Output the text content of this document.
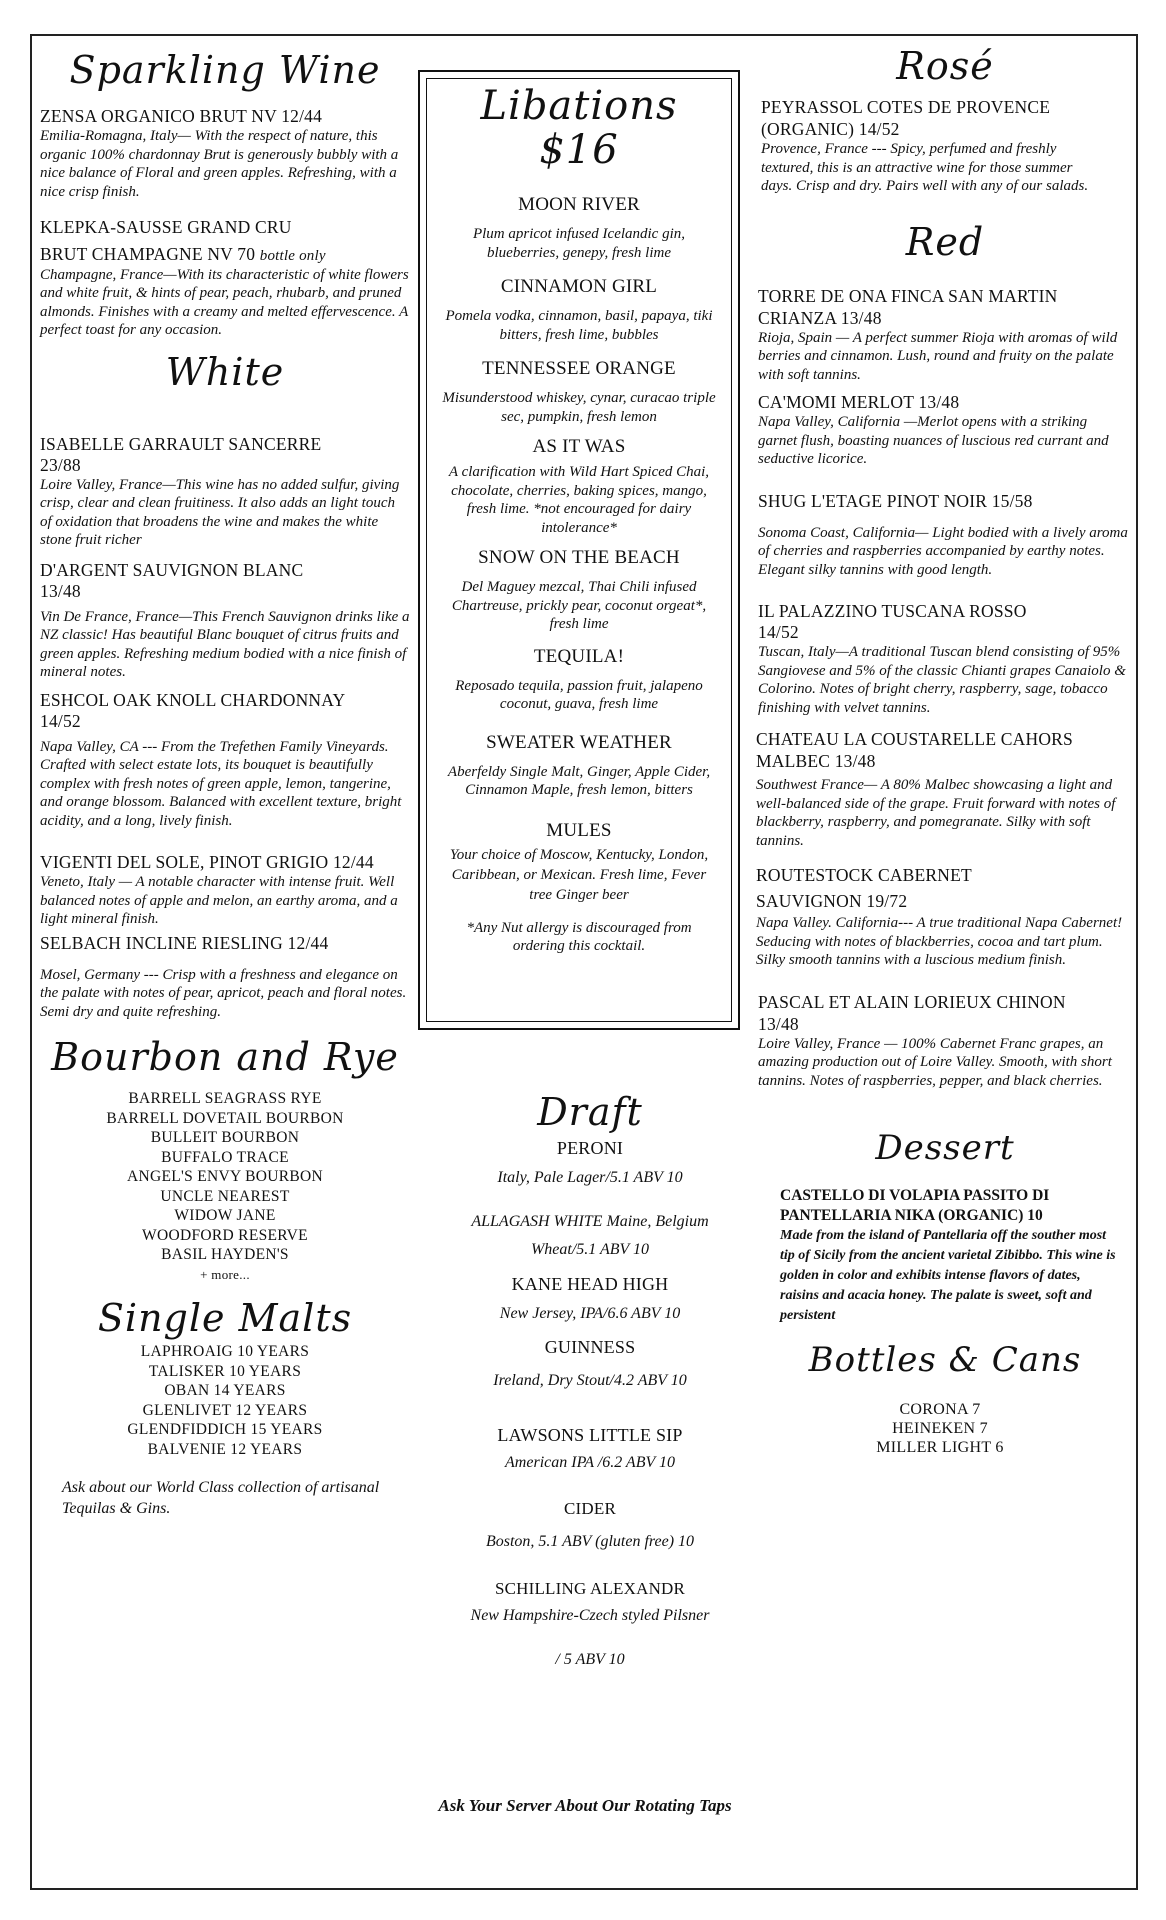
Sparkling Wine
ZENSA ORGANICO BRUT NV 12/44
Emilia-Romagna, Italy— With the respect of nature, this organic 100% chardonnay Brut is generously bubbly with a nice balance of Floral and green apples. Refreshing, with a nice crisp finish.
KLEPKA-SAUSSE GRAND CRU
BRUT CHAMPAGNE NV 70 bottle only
Champagne, France—With its characteristic of white flowers and white fruit, & hints of pear, peach, rhubarb, and pruned almonds. Finishes with a creamy and melted effervescence. A perfect toast for any occasion.
White
ISABELLE GARRAULT SANCERRE
23/88
Loire Valley, France—This wine has no added sulfur, giving crisp, clear and clean fruitiness. It also adds an light touch of oxidation that broadens the wine and makes the white stone fruit richer
D'ARGENT SAUVIGNON BLANC
13/48
Vin De France, France—This French Sauvignon drinks like a NZ classic! Has beautiful Blanc bouquet of citrus fruits and green apples. Refreshing medium bodied with a nice finish of mineral notes.
ESHCOL OAK KNOLL CHARDONNAY
14/52
Napa Valley, CA --- From the Trefethen Family Vineyards. Crafted with select estate lots, its bouquet is beautifully complex with fresh notes of green apple, lemon, tangerine, and orange blossom. Balanced with excellent texture, bright acidity, and a long, lively finish.
VIGENTI DEL SOLE, PINOT GRIGIO 12/44
Veneto, Italy — A notable character with intense fruit. Well balanced notes of apple and melon, an earthy aroma, and a light mineral finish.
SELBACH INCLINE RIESLING 12/44
Mosel, Germany --- Crisp with a freshness and elegance on the palate with notes of pear, apricot, peach and floral notes. Semi dry and quite refreshing.
Bourbon and Rye
BARRELL SEAGRASS RYE
BARRELL DOVETAIL BOURBON
BULLEIT BOURBON
BUFFALO TRACE
ANGEL'S ENVY BOURBON
UNCLE NEAREST
WIDOW JANE
WOODFORD RESERVE
BASIL HAYDEN'S
+ more...
Single Malts
LAPHROAIG 10 YEARS
TALISKER 10 YEARS
OBAN 14 YEARS
GLENLIVET 12 YEARS
GLENDFIDDICH 15 YEARS
BALVENIE 12 YEARS
Ask about our World Class collection of artisanal Tequilas & Gins.
Libations $16
MOON RIVER
Plum apricot infused Icelandic gin, blueberries, genepy, fresh lime
CINNAMON GIRL
Pomela vodka, cinnamon, basil, papaya, tiki bitters, fresh lime, bubbles
TENNESSEE ORANGE
Misunderstood whiskey, cynar, curacao triple sec, pumpkin, fresh lemon
AS IT WAS
A clarification with Wild Hart Spiced Chai, chocolate, cherries, baking spices, mango, fresh lime. *not encouraged for dairy intolerance*
SNOW ON THE BEACH
Del Maguey mezcal, Thai Chili infused Chartreuse, prickly pear, coconut orgeat*, fresh lime
TEQUILA!
Reposado tequila, passion fruit, jalapeno coconut, guava, fresh lime
SWEATER WEATHER
Aberfeldy Single Malt, Ginger, Apple Cider, Cinnamon Maple, fresh lemon, bitters
MULES
Your choice of Moscow, Kentucky, London, Caribbean, or Mexican. Fresh lime, Fever tree Ginger beer
*Any Nut allergy is discouraged from ordering this cocktail.
Draft
PERONI
Italy, Pale Lager/5.1 ABV 10
ALLAGASH WHITE Maine, Belgium Wheat/5.1 ABV 10
KANE HEAD HIGH
New Jersey, IPA/6.6 ABV 10
GUINNESS
Ireland, Dry Stout/4.2 ABV 10
LAWSONS LITTLE SIP
American IPA /6.2 ABV 10
CIDER
Boston, 5.1 ABV (gluten free) 10
SCHILLING ALEXANDR
New Hampshire-Czech styled Pilsner
/ 5 ABV 10
Ask Your Server About Our Rotating Taps
Rosé
PEYRASSOL COTES DE PROVENCE (ORGANIC) 14/52
Provence, France --- Spicy, perfumed and freshly textured, this is an attractive wine for those summer days. Crisp and dry. Pairs well with any of our salads.
Red
TORRE DE ONA FINCA SAN MARTIN
CRIANZA 13/48
Rioja, Spain — A perfect summer Rioja with aromas of wild berries and cinnamon. Lush, round and fruity on the palate with soft tannins.
CA'MOMI MERLOT 13/48
Napa Valley, California —Merlot opens with a striking garnet flush, boasting nuances of luscious red currant and seductive licorice.
SHUG L'ETAGE PINOT NOIR 15/58
Sonoma Coast, California— Light bodied with a lively aroma of cherries and raspberries accompanied by earthy notes. Elegant silky tannins with good length.
IL PALAZZINO TUSCANA ROSSO
14/52
Tuscan, Italy—A traditional Tuscan blend consisting of 95% Sangiovese and 5% of the classic Chianti grapes Canaiolo & Colorino. Notes of bright cherry, raspberry, sage, tobacco finishing with velvet tannins.
CHATEAU LA COUSTARELLE CAHORS
MALBEC 13/48
Southwest France— A 80% Malbec showcasing a light and well-balanced side of the grape. Fruit forward with notes of blackberry, raspberry, and pomegranate. Silky with soft tannins.
ROUTESTOCK CABERNET
SAUVIGNON 19/72
Napa Valley. California--- A true traditional Napa Cabernet! Seducing with notes of blackberries, cocoa and tart plum. Silky smooth tannins with a luscious medium finish.
PASCAL ET ALAIN LORIEUX CHINON
13/48
Loire Valley, France — 100% Cabernet Franc grapes, an amazing production out of Loire Valley. Smooth, with short tannins. Notes of raspberries, pepper, and black cherries.
Dessert
CASTELLO DI VOLAPIA PASSITO DI PANTELLARIA NIKA (ORGANIC) 10
Made from the island of Pantellaria off the souther most tip of Sicily from the ancient varietal Zibibbo. This wine is golden in color and exhibits intense flavors of dates, raisins and acacia honey. The palate is sweet, soft and persistent
Bottles & Cans
CORONA 7
HEINEKEN 7
MILLER LIGHT 6
